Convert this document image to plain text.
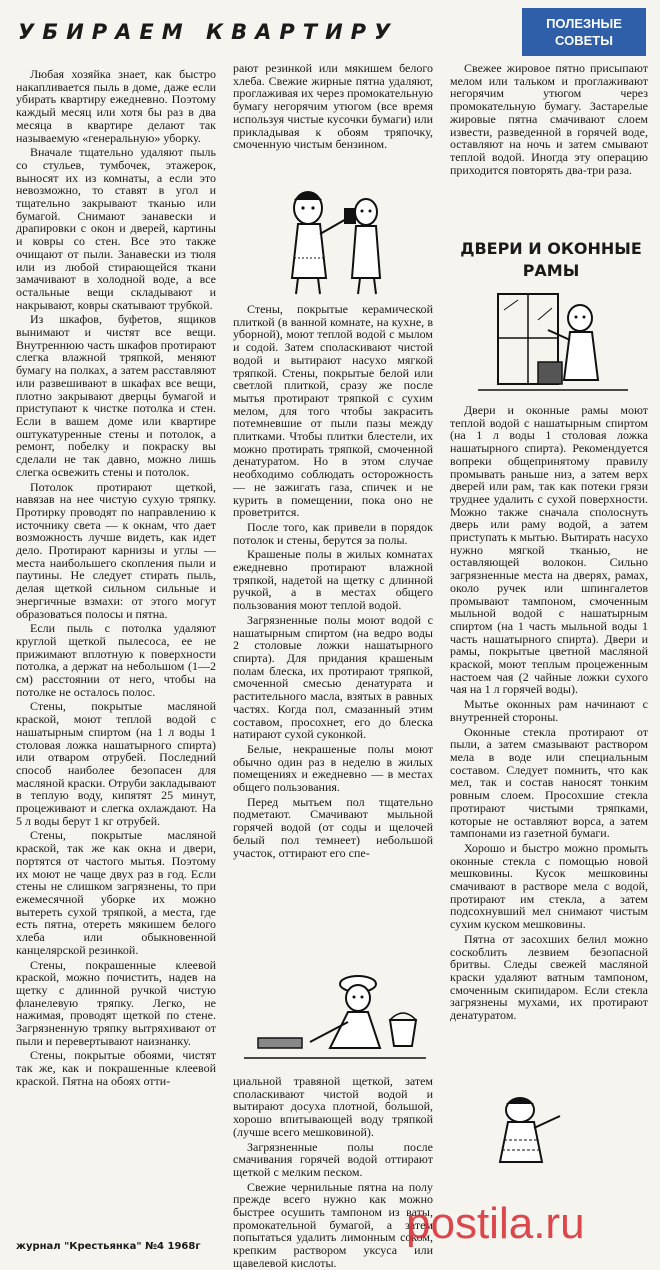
УБИРАЕМ КВАРТИРУ	ПОЛЕЗНЫЕ
СОВЕТЫ

Любая хозяйка знает, как быстро накапливается пыль в доме, даже если убирать квартиру ежедневно. Поэтому каждый месяц или хотя бы раз в два месяца в квартире делают так называемую «генеральную» уборку.

Вначале тщательно удаляют пыль со стульев, тумбочек, этажерок, выносят их из комнаты, а если это невозможно, то ставят в угол и тщательно закрывают тканью или бумагой. Снимают занавески и драпировки с окон и дверей, картины и ковры со стен. Все это также очищают от пыли. Занавески из тюля или из любой стирающейся ткани замачивают в холодной воде, а все остальные вещи складывают и накрывают, ковры скатывают трубкой.

Из шкафов, буфетов, ящиков вынимают и чистят все вещи. Внутреннюю часть шкафов протирают слегка влажной тряпкой, меняют бумагу на полках, а затем расставляют или развешивают в шкафах все вещи, плотно закрывают дверцы бумагой и приступают к чистке потолка и стен. Если в вашем доме или квартире оштукатуренные стены и потолок, а ремонт, побелку и покраску вы сделали не так давно, можно лишь слегка освежить стены и потолок.

Потолок протирают щеткой, навязав на нее чистую сухую тряпку. Протирку проводят по направлению к источнику света — к окнам, что дает возможность лучше видеть, как идет дело. Протирают карнизы и углы — места наибольшего скопления пыли и паутины. Не следует стирать пыль, делая щеткой сильном сильные и энергичные взмахи: от этого могут образоваться полосы и пятна.

Если пыль с потолка удаляют круглой щеткой пылесоса, ее не прижимают вплотную к поверхности потолка, а держат на небольшом (1—2 см) расстоянии от него, чтобы на потолке не осталось полос.

Стены, покрытые масляной краской, моют теплой водой с нашатырным спиртом (на 1 л воды 1 столовая ложка нашатырного спирта) или отваром отрубей. Последний способ наиболее безопасен для масляной краски. Отруби закладывают в теплую воду, кипятят 25 минут, процеживают и слегка охлаждают. На 5 л воды берут 1 кг отрубей.

Стены, покрытые масляной краской, так же как окна и двери, портятся от частого мытья. Поэтому их моют не чаще двух раз в год. Если стены не слишком загрязнены, то при ежемесячной уборке их можно вытереть сухой тряпкой, а места, где есть пятна, отереть мякишем белого хлеба или обыкновенной канцелярской резинкой.

Стены, покрашенные клеевой краской, можно почистить, надев на щетку с длинной ручкой чистую фланелевую тряпку. Легко, не нажимая, проводят щеткой по стене. Загрязненную тряпку вытряхивают от пыли и перевертывают наизнанку.

Стены, покрытые обоями, чистят так же, как и покрашенные клеевой краской. Пятна на обоях отти-

рают резинкой или мякишем белого хлеба. Свежие жирные пятна удаляют, проглаживая их через промокательную бумагу негорячим утюгом (все время используя чистые кусочки бумаги) или прикладывая к обоям тряпочку, смоченную чистым бензином.

Стены, покрытые керамической плиткой (в ванной комнате, на кухне, в уборной), моют теплой водой с мылом и содой. Затем споласкивают чистой водой и вытирают насухо мягкой тряпкой. Стены, покрытые белой или светлой плиткой, сразу же после мытья протирают тряпкой с сухим мелом, для того чтобы закрасить потемневшие от пыли пазы между плитками. Чтобы плитки блестели, их можно протирать тряпкой, смоченной денатуратом. Но в этом случае необходимо соблюдать осторожность — не зажигать газа, спичек и не курить в помещении, пока оно не проветрится.

После того, как привели в порядок потолок и стены, берутся за полы.

Крашеные полы в жилых комнатах ежедневно протирают влажной тряпкой, надетой на щетку с длинной ручкой, а в местах общего пользования моют теплой водой.

Загрязненные полы моют водой с нашатырным спиртом (на ведро воды 2 столовые ложки нашатырного спирта). Для придания крашеным полам блеска, их протирают тряпкой, смоченной смесью денатурата и растительного масла, взятых в равных частях. Когда пол, смазанный этим составом, просохнет, его до блеска натирают сухой суконкой.

Белые, некрашеные полы моют обычно один раз в неделю в жилых помещениях и ежедневно — в местах общего пользования.

Перед мытьем пол тщательно подметают. Смачивают мыльной горячей водой (от соды и щелочей белый пол темнеет) небольшой участок, оттирают его спе-

циальной травяной щеткой, затем споласкивают чистой водой и вытирают досуха плотной, большой, хорошо впитывающей воду тряпкой (лучше всего мешковиной).

Загрязненные полы после смачивания горячей водой оттирают щеткой с мелким песком.

Свежие чернильные пятна на полу прежде всего нужно как можно быстрее осушить тампоном из ваты, промокательной бумагой, а затем попытаться удалить лимонным соком, крепким раствором уксуса или щавелевой кислоты.

Свежее жировое пятно присыпают мелом или тальком и проглаживают негорячим утюгом через промокательную бумагу. Застарелые жировые пятна смачивают слоем извести, разведенной в горячей воде, оставляют на ночь и затем смывают теплой водой. Иногда эту операцию приходится повторять два-три раза.

ДВЕРИ И ОКОННЫЕ
РАМЫ

Двери и оконные рамы моют теплой водой с нашатырным спиртом (на 1 л воды 1 столовая ложка нашатырного спирта). Рекомендуется вопреки общепринятому правилу промывать раньше низ, а затем верх дверей или рам, так как потеки грязи труднее удалить с сухой поверхности. Можно также сначала сполоснуть дверь или раму водой, а затем приступать к мытью. Вытирать насухо нужно мягкой тканью, не оставляющей волокон. Сильно загрязненные места на дверях, рамах, около ручек или шпингалетов промывают тампоном, смоченным мыльной водой с нашатырным спиртом (на 1 часть мыльной воды 1 часть нашатырного спирта). Двери и рамы, покрытые цветной масляной краской, моют теплым процеженным настоем чая (2 чайные ложки сухого чая на 1 л горячей воды).

Мытье оконных рам начинают с внутренней стороны.

Оконные стекла протирают от пыли, а затем смазывают раствором мела в воде или специальным составом. Следует помнить, что как мел, так и состав наносят тонким ровным слоем. Просохшие стекла протирают чистыми тряпками, которые не оставляют ворса, а затем тампонами из газетной бумаги.

Хорошо и быстро можно промыть оконные стекла с помощью новой мешковины. Кусок мешковины смачивают в растворе мела с водой, протирают им стекла, а затем подсохнувший мел снимают чистым сухим куском мешковины.

Пятна от засохших белил можно соскоблить лезвием безопасной бритвы. Следы свежей масляной краски удаляют ватным тампоном, смоченным скипидаром. Если стекла загрязнены мухами, их протирают денатуратом.

журнал "Крестьянка" №4 1968г	postila.ru
